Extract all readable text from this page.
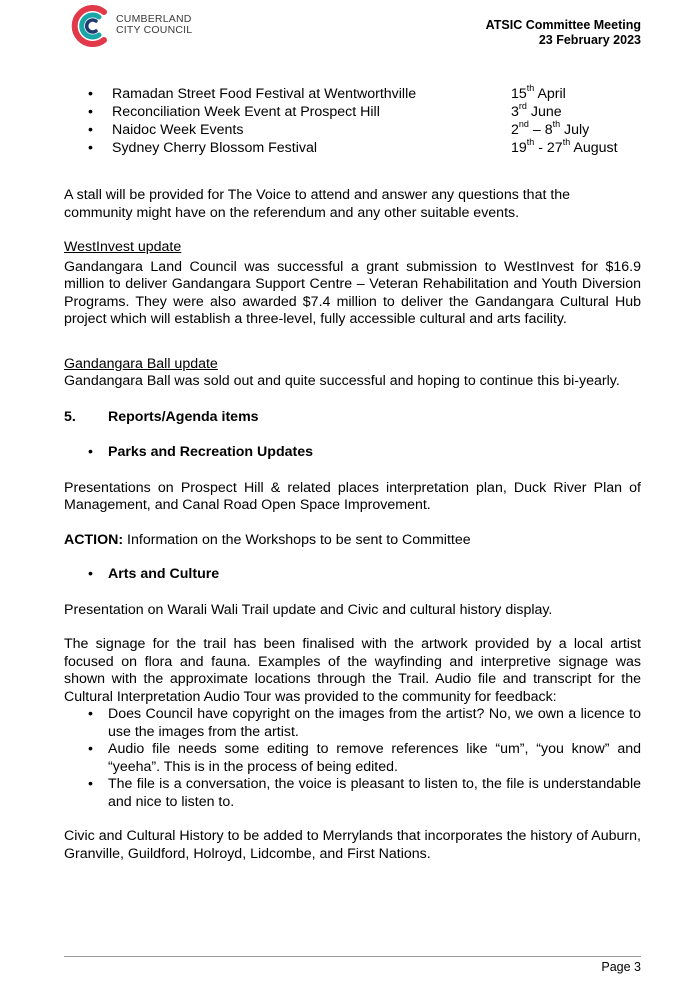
CUMBERLAND
CITY COUNCIL	ATSIC Committee Meeting
23 February 2023
• Ramadan Street Food Festival at Wentworthville	15th April
• Reconciliation Week Event at Prospect Hill	3rd June
• Naidoc Week Events	2nd – 8th July
• Sydney Cherry Blossom Festival	19th - 27th August

A stall will be provided for The Voice to attend and answer any questions that the community might have on the referendum and any other suitable events.

WestInvest update

Gandangara Land Council was successful a grant submission to WestInvest for $16.9 million to deliver Gandangara Support Centre – Veteran Rehabilitation and Youth Diversion Programs. They were also awarded $7.4 million to deliver the Gandangara Cultural Hub project which will establish a three-level, fully accessible cultural and arts facility.

Gandangara Ball update

Gandangara Ball was sold out and quite successful and hoping to continue this bi-yearly.

5. Reports/Agenda items

• Parks and Recreation Updates

Presentations on Prospect Hill & related places interpretation plan, Duck River Plan of Management, and Canal Road Open Space Improvement.

ACTION: Information on the Workshops to be sent to Committee

• Arts and Culture

Presentation on Warali Wali Trail update and Civic and cultural history display.

The signage for the trail has been finalised with the artwork provided by a local artist focused on flora and fauna. Examples of the wayfinding and interpretive signage was shown with the approximate locations through the Trail. Audio file and transcript for the Cultural Interpretation Audio Tour was provided to the community for feedback:

• Does Council have copyright on the images from the artist? No, we own a licence to use the images from the artist.
• Audio file needs some editing to remove references like “um”, “you know” and “yeeha”. This is in the process of being edited.
• The file is a conversation, the voice is pleasant to listen to, the file is understandable and nice to listen to.

Civic and Cultural History to be added to Merrylands that incorporates the history of Auburn, Granville, Guildford, Holroyd, Lidcombe, and First Nations.

Page 3
